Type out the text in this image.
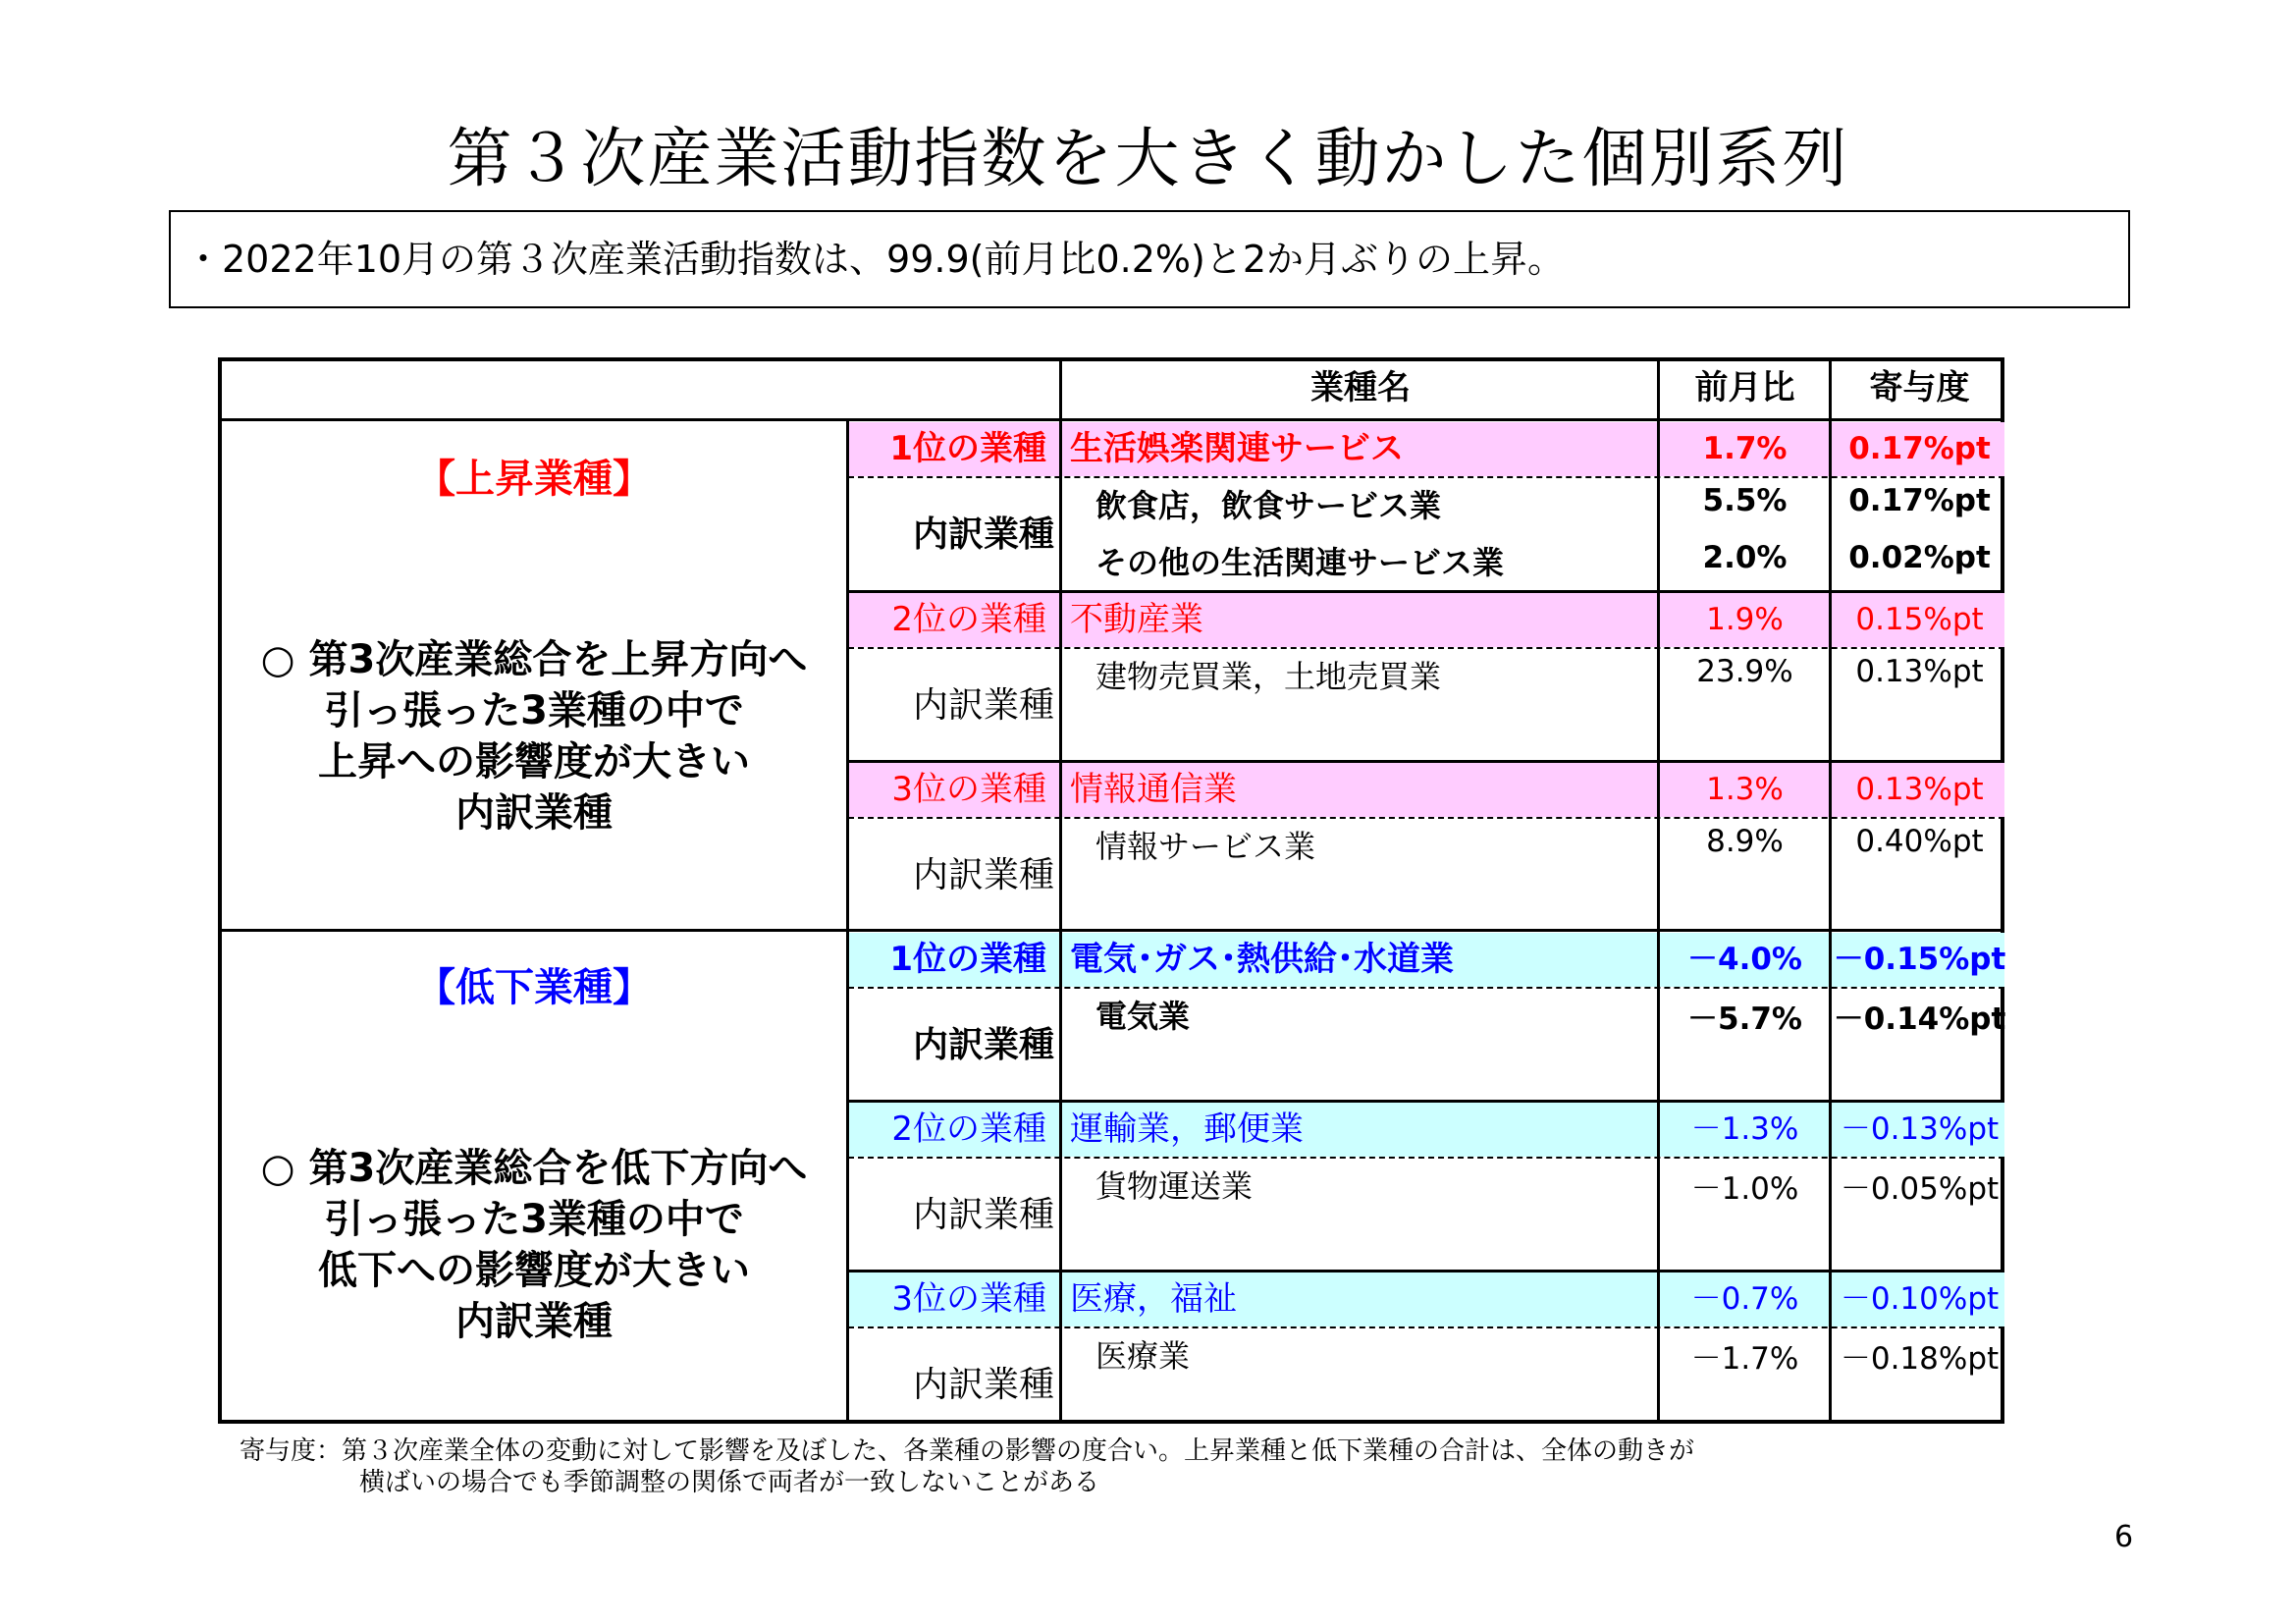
第３次産業活動指数を大きく動かした個別系列
・2022年10月の第３次産業活動指数は、99.9(前月比0.2%)と2か月ぶりの上昇。
業種名	前月比	寄与度
【上昇業種】
○ 第3次産業総合を上昇方向へ
引っ張った3業種の中で
上昇への影響度が大きい
内訳業種
【低下業種】
○ 第3次産業総合を低下方向へ
引っ張った3業種の中で
低下への影響度が大きい
内訳業種
1位の業種 生活娯楽関連サービス	1.7%	0.17%pt
内訳業種
飲食店，飲食サービス業	5.5%	0.17%pt
その他の生活関連サービス業	2.0%	0.02%pt
2位の業種 不動産業	1.9%	0.15%pt
内訳業種
建物売買業，土地売買業	23.9%	0.13%pt
3位の業種 情報通信業	1.3%	0.13%pt
内訳業種
情報サービス業	8.9%	0.40%pt
1位の業種 電気･ガス･熱供給･水道業	－4.0%	－0.15%pt
内訳業種
電気業	－5.7%	－0.14%pt
2位の業種 運輸業，郵便業	－1.3%	－0.13%pt
内訳業種
貨物運送業	－1.0%	－0.05%pt
3位の業種 医療，福祉	－0.7%	－0.10%pt
内訳業種
医療業	－1.7%	－0.18%pt
寄与度：第３次産業全体の変動に対して影響を及ぼした、各業種の影響の度合い。上昇業種と低下業種の合計は、全体の動きが
横ばいの場合でも季節調整の関係で両者が一致しないことがある
6
